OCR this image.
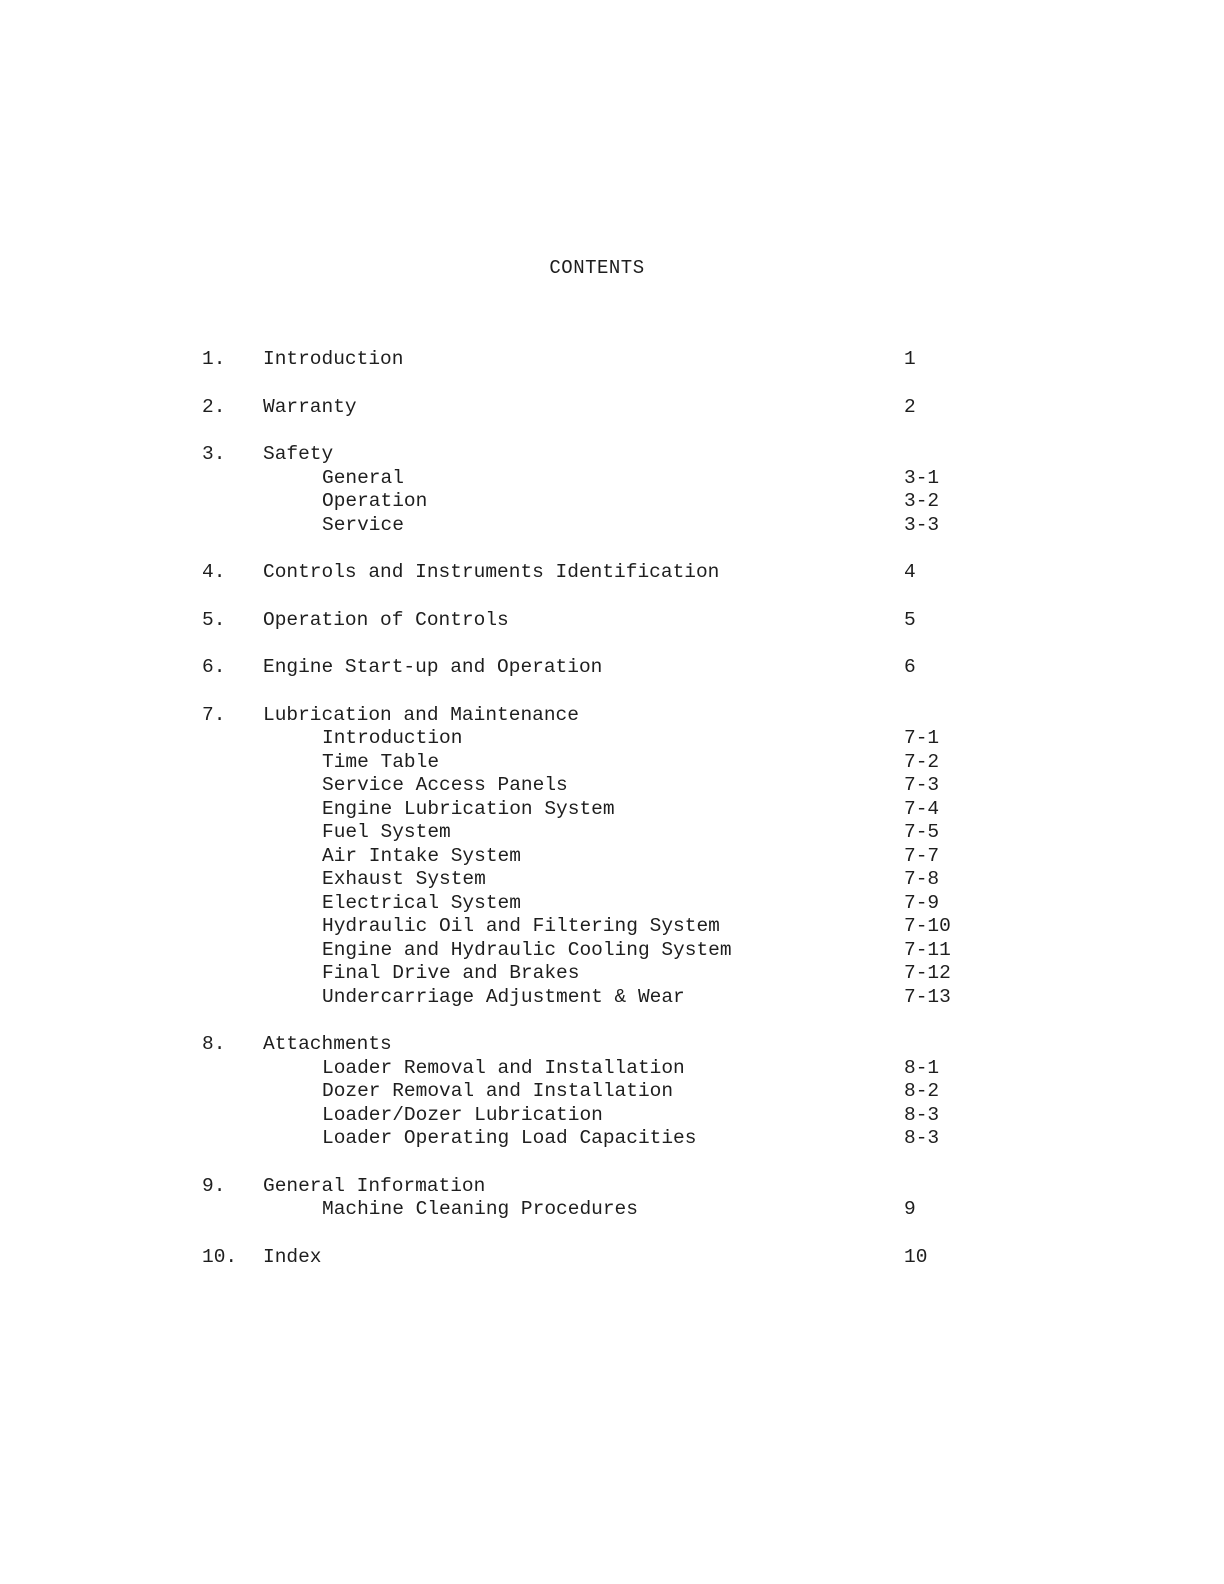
CONTENTS
1. Introduction	1
2. Warranty	2
3. Safety
General	3-1
Operation	3-2
Service	3-3
4. Controls and Instruments Identification	4
5. Operation of Controls	5
6. Engine Start-up and Operation	6
7. Lubrication and Maintenance
Introduction	7-1
Time Table	7-2
Service Access Panels	7-3
Engine Lubrication System	7-4
Fuel System	7-5
Air Intake System	7-7
Exhaust System	7-8
Electrical System	7-9
Hydraulic Oil and Filtering System	7-10
Engine and Hydraulic Cooling System	7-11
Final Drive and Brakes	7-12
Undercarriage Adjustment & Wear	7-13
8. Attachments
Loader Removal and Installation	8-1
Dozer Removal and Installation	8-2
Loader/Dozer Lubrication	8-3
Loader Operating Load Capacities	8-3
9. General Information
Machine Cleaning Procedures	9
10. Index	10
